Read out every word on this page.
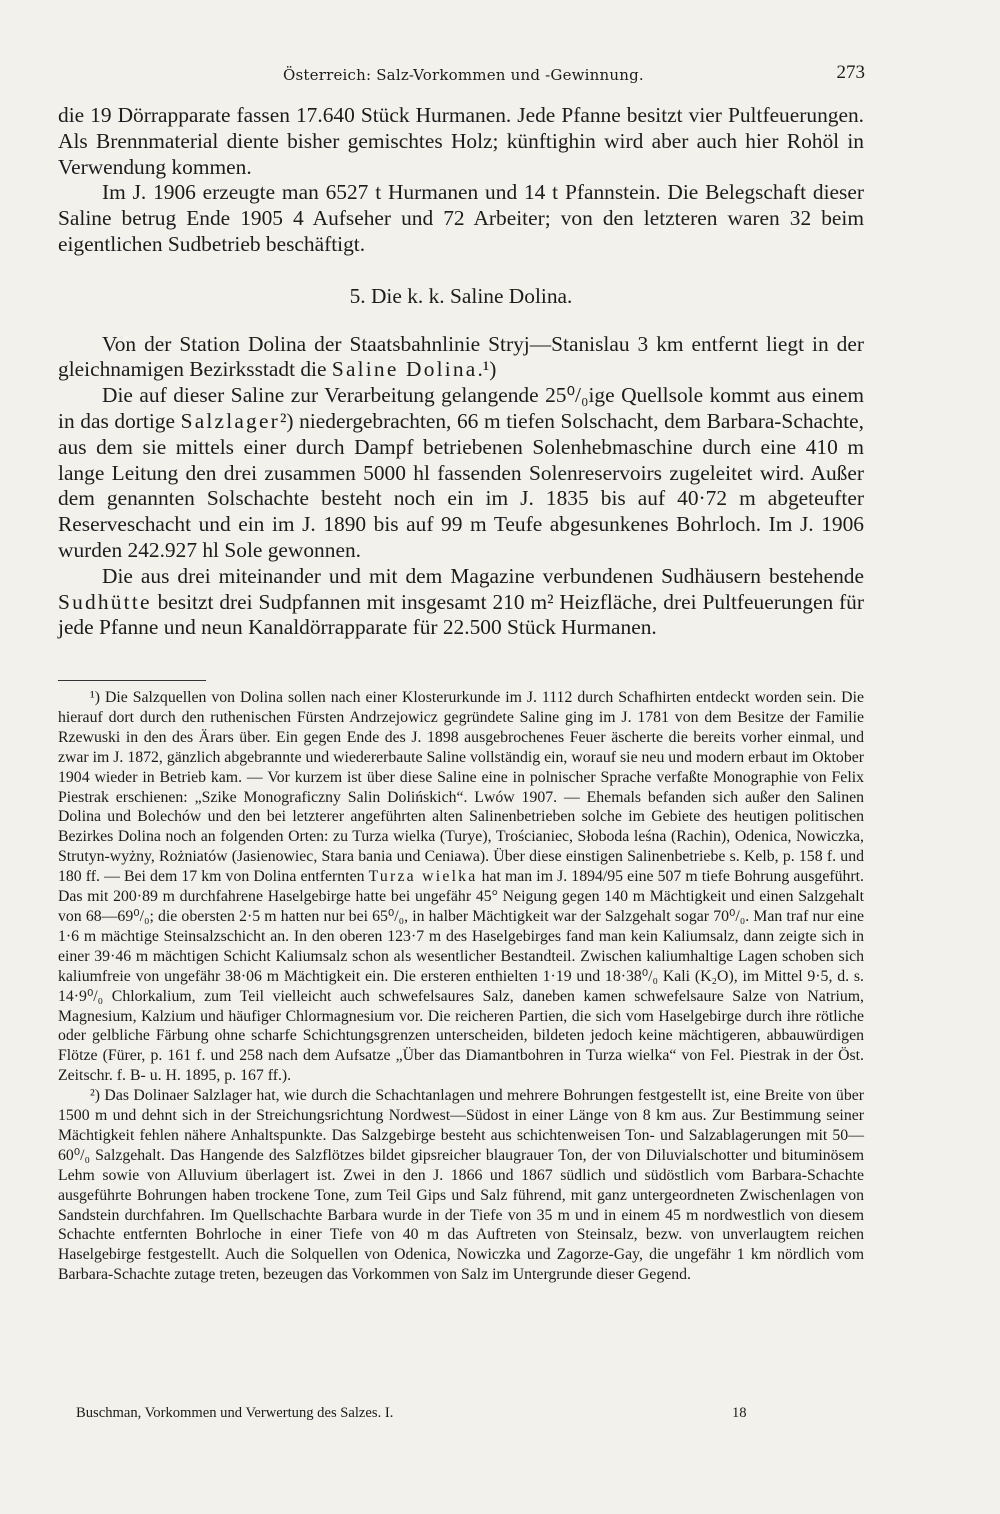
Österreich: Salz-Vorkommen und -Gewinnung.	273

die 19 Dörrapparate fassen 17.640 Stück Hurmanen. Jede Pfanne besitzt vier Pultfeuerungen. Als Brennmaterial diente bisher gemischtes Holz; künftighin wird aber auch hier Rohöl in Verwendung kommen.

Im J. 1906 erzeugte man 6527 t Hurmanen und 14 t Pfannstein. Die Belegschaft dieser Saline betrug Ende 1905 4 Aufseher und 72 Arbeiter; von den letzteren waren 32 beim eigentlichen Sudbetrieb beschäftigt.

5. Die k. k. Saline Dolina.

Von der Station Dolina der Staatsbahnlinie Stryj—Stanislau 3 km entfernt liegt in der gleichnamigen Bezirksstadt die Saline Dolina.¹)

Die auf dieser Saline zur Verarbeitung gelangende 25⁰/₀ige Quellsole kommt aus einem in das dortige Salzlager²) niedergebrachten, 66 m tiefen Solschacht, dem Barbara-Schachte, aus dem sie mittels einer durch Dampf betriebenen Solenhebmaschine durch eine 410 m lange Leitung den drei zusammen 5000 hl fassenden Solenreservoirs zugeleitet wird. Außer dem genannten Solschachte besteht noch ein im J. 1835 bis auf 40·72 m abgeteufter Reserveschacht und ein im J. 1890 bis auf 99 m Teufe abgesunkenes Bohrloch. Im J. 1906 wurden 242.927 hl Sole gewonnen.

Die aus drei miteinander und mit dem Magazine verbundenen Sudhäusern bestehende Sudhütte besitzt drei Sudpfannen mit insgesamt 210 m² Heizfläche, drei Pultfeuerungen für jede Pfanne und neun Kanaldörrapparate für 22.500 Stück Hurmanen.

¹) Die Salzquellen von Dolina sollen nach einer Klosterurkunde im J. 1112 durch Schafhirten entdeckt worden sein. Die hierauf dort durch den ruthenischen Fürsten Andrzejowicz gegründete Saline ging im J. 1781 von dem Besitze der Familie Rzewuski in den des Ärars über. Ein gegen Ende des J. 1898 ausgebrochenes Feuer äscherte die bereits vorher einmal, und zwar im J. 1872, gänzlich abgebrannte und wiedererbaute Saline vollständig ein, worauf sie neu und modern erbaut im Oktober 1904 wieder in Betrieb kam. — Vor kurzem ist über diese Saline eine in polnischer Sprache verfaßte Monographie von Felix Piestrak erschienen: „Szike Monograficzny Salin Dolińskich“. Lwów 1907. — Ehemals befanden sich außer den Salinen Dolina und Bolechów und den bei letzterer angeführten alten Salinenbetrieben solche im Gebiete des heutigen politischen Bezirkes Dolina noch an folgenden Orten: zu Turza wielka (Turye), Trościaniec, Słoboda leśna (Rachin), Odenica, Nowiczka, Strutyn-wyżny, Rożniatów (Jasienowiec, Stara bania und Ceniawa). Über diese einstigen Salinenbetriebe s. Kelb, p. 158 f. und 180 ff. — Bei dem 17 km von Dolina entfernten Turza wielka hat man im J. 1894/95 eine 507 m tiefe Bohrung ausgeführt. Das mit 200·89 m durchfahrene Haselgebirge hatte bei ungefähr 45° Neigung gegen 140 m Mächtigkeit und einen Salzgehalt von 68—69⁰/₀; die obersten 2·5 m hatten nur bei 65⁰/₀, in halber Mächtigkeit war der Salzgehalt sogar 70⁰/₀. Man traf nur eine 1·6 m mächtige Steinsalzschicht an. In den oberen 123·7 m des Haselgebirges fand man kein Kaliumsalz, dann zeigte sich in einer 39·46 m mächtigen Schicht Kaliumsalz schon als wesentlicher Bestandteil. Zwischen kaliumhaltige Lagen schoben sich kaliumfreie von ungefähr 38·06 m Mächtigkeit ein. Die ersteren enthielten 1·19 und 18·38⁰/₀ Kali (K₂O), im Mittel 9·5, d. s. 14·9⁰/₀ Chlorkalium, zum Teil vielleicht auch schwefelsaures Salz, daneben kamen schwefelsaure Salze von Natrium, Magnesium, Kalzium und häufiger Chlormagnesium vor. Die reicheren Partien, die sich vom Haselgebirge durch ihre rötliche oder gelbliche Färbung ohne scharfe Schichtungsgrenzen unterscheiden, bildeten jedoch keine mächtigeren, abbauwürdigen Flötze (Fürer, p. 161 f. und 258 nach dem Aufsatze „Über das Diamantbohren in Turza wielka“ von Fel. Piestrak in der Öst. Zeitschr. f. B- u. H. 1895, p. 167 ff.).

²) Das Dolinaer Salzlager hat, wie durch die Schachtanlagen und mehrere Bohrungen festgestellt ist, eine Breite von über 1500 m und dehnt sich in der Streichungsrichtung Nordwest—Südost in einer Länge von 8 km aus. Zur Bestimmung seiner Mächtigkeit fehlen nähere Anhaltspunkte. Das Salzgebirge besteht aus schichtenweisen Ton- und Salzablagerungen mit 50—60⁰/₀ Salzgehalt. Das Hangende des Salzflötzes bildet gipsreicher blaugrauer Ton, der von Diluvialschotter und bituminösem Lehm sowie von Alluvium überlagert ist. Zwei in den J. 1866 und 1867 südlich und südöstlich vom Barbara-Schachte ausgeführte Bohrungen haben trockene Tone, zum Teil Gips und Salz führend, mit ganz untergeordneten Zwischenlagen von Sandstein durchfahren. Im Quellschachte Barbara wurde in der Tiefe von 35 m und in einem 45 m nordwestlich von diesem Schachte entfernten Bohrloche in einer Tiefe von 40 m das Auftreten von Steinsalz, bezw. von unverlaugtem reichen Haselgebirge festgestellt. Auch die Solquellen von Odenica, Nowiczka und Zagorze-Gay, die ungefähr 1 km nördlich vom Barbara-Schachte zutage treten, bezeugen das Vorkommen von Salz im Untergrunde dieser Gegend.

Buschman, Vorkommen und Verwertung des Salzes. I.	18
